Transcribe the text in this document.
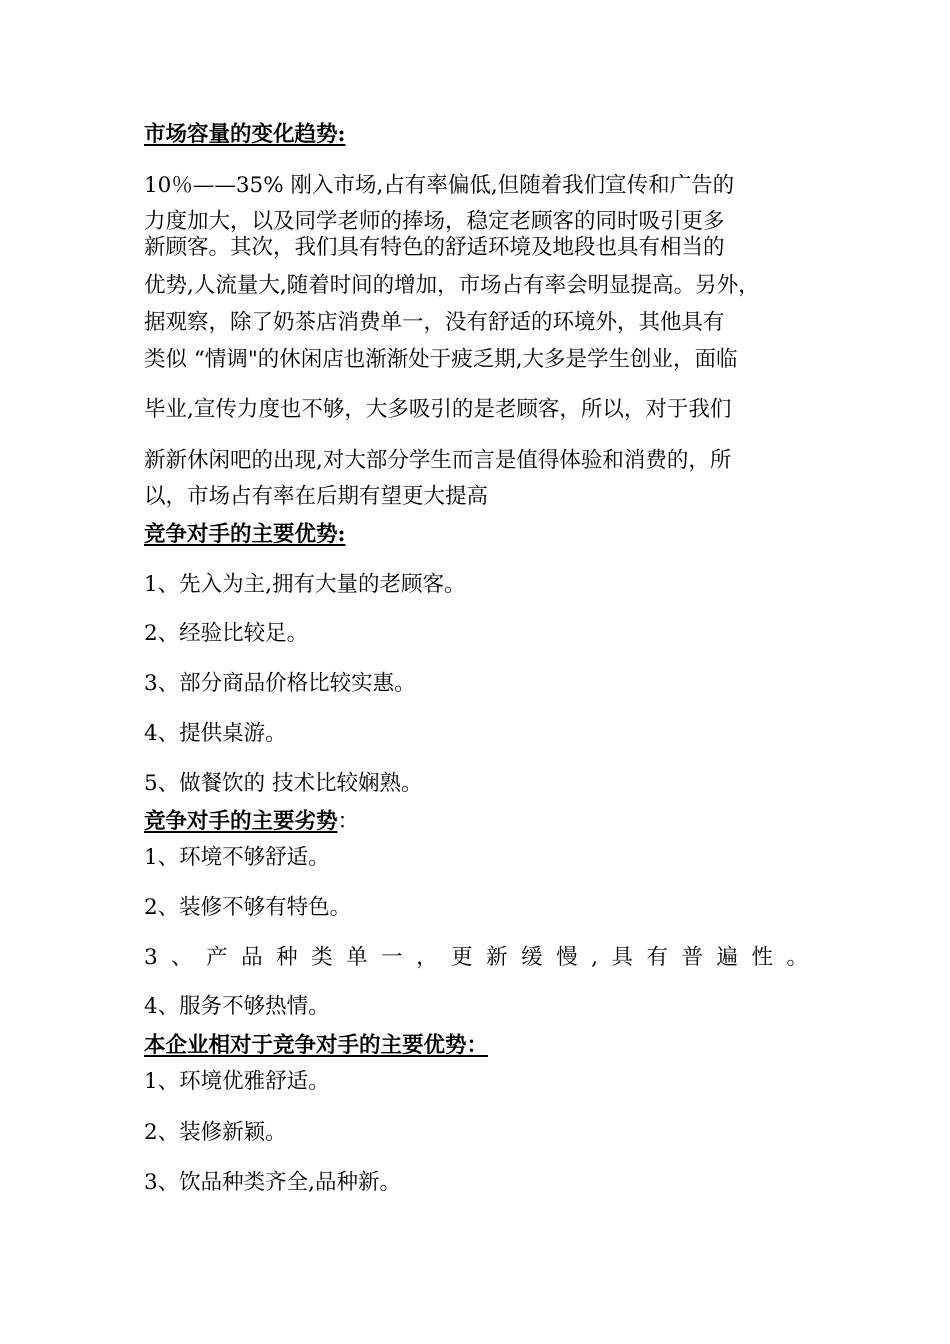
市场容量的变化趋势:
10％——35% 刚入市场,占有率偏低,但随着我们宣传和广告的
力度加大，以及同学老师的捧场，稳定老顾客的同时吸引更多
新顾客。其次，我们具有特色的舒适环境及地段也具有相当的
优势,人流量大,随着时间的增加，市场占有率会明显提高。另外，
据观察，除了奶茶店消费单一，没有舒适的环境外，其他具有
类似 “情调"的休闲店也渐渐处于疲乏期,大多是学生创业，面临
毕业,宣传力度也不够，大多吸引的是老顾客，所以，对于我们
新新休闲吧的出现,对大部分学生而言是值得体验和消费的，所
以，市场占有率在后期有望更大提高
竞争对手的主要优势:
1、先入为主,拥有大量的老顾客。
2、经验比较足。
3、部分商品价格比较实惠。
4、提供桌游。
5、做餐饮的 技术比较娴熟。
竞争对手的主要劣势：
1、环境不够舒适。
2、装修不够有特色。
3、产品种类单一，更新缓慢,具有普遍性。
4、服务不够热情。
本企业相对于竞争对手的主要优势：
1、环境优雅舒适。
2、装修新颖。
3、饮品种类齐全,品种新。
